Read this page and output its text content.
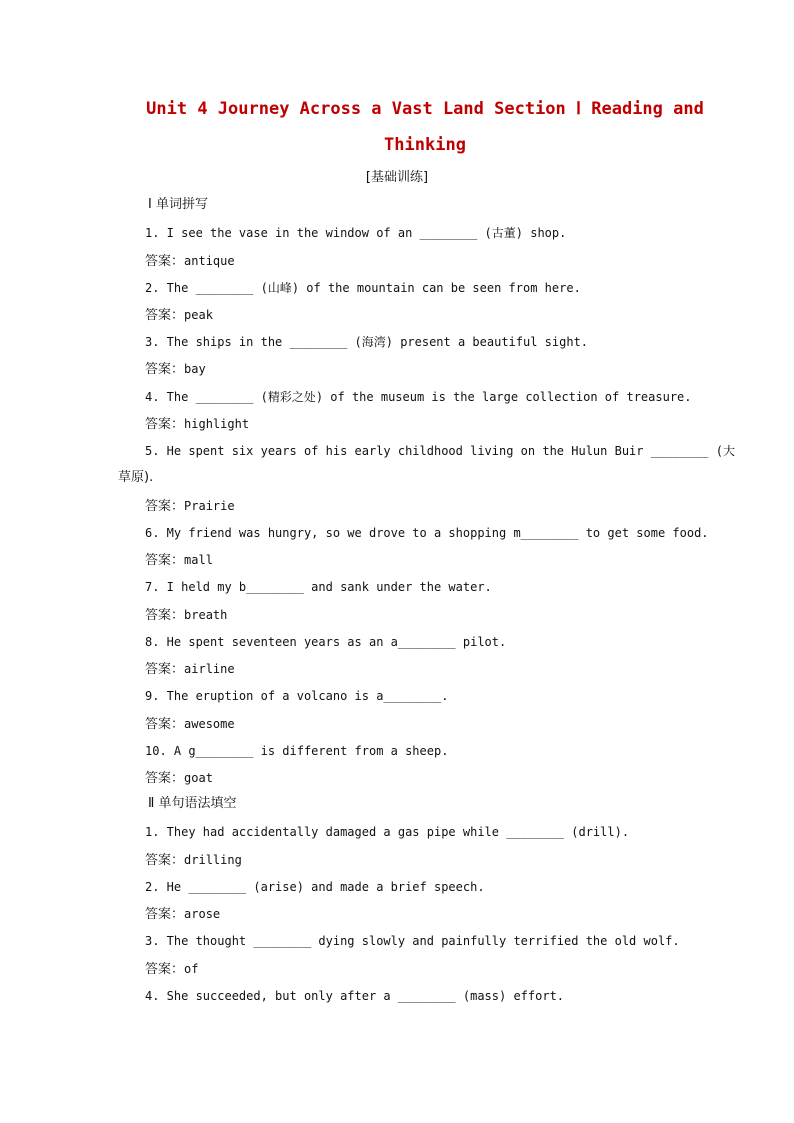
Unit 4 Journey Across a Vast Land Section Ⅰ Reading and
Thinking
[基础训练]
Ⅰ 单词拼写
1. I see the vase in the window of an ________ (古董) shop.
答案：antique
2. The ________ (山峰) of the mountain can be seen from here.
答案：peak
3. The ships in the ________ (海湾) present a beautiful sight.
答案：bay
4. The ________ (精彩之处) of the museum is the large collection of treasure.
答案：highlight
5. He spent six years of his early childhood living on the Hulun Buir ________ (大
草原).
答案：Prairie
6. My friend was hungry, so we drove to a shopping m________ to get some food.
答案：mall
7. I held my b________ and sank under the water.
答案：breath
8. He spent seventeen years as an a________ pilot.
答案：airline
9. The eruption of a volcano is a________.
答案：awesome
10. A g________ is different from a sheep.
答案：goat
Ⅱ 单句语法填空
1. They had accidentally damaged a gas pipe while ________ (drill).
答案：drilling
2. He ________ (arise) and made a brief speech.
答案：arose
3. The thought ________ dying slowly and painfully terrified the old wolf.
答案：of
4. She succeeded, but only after a ________ (mass) effort.
